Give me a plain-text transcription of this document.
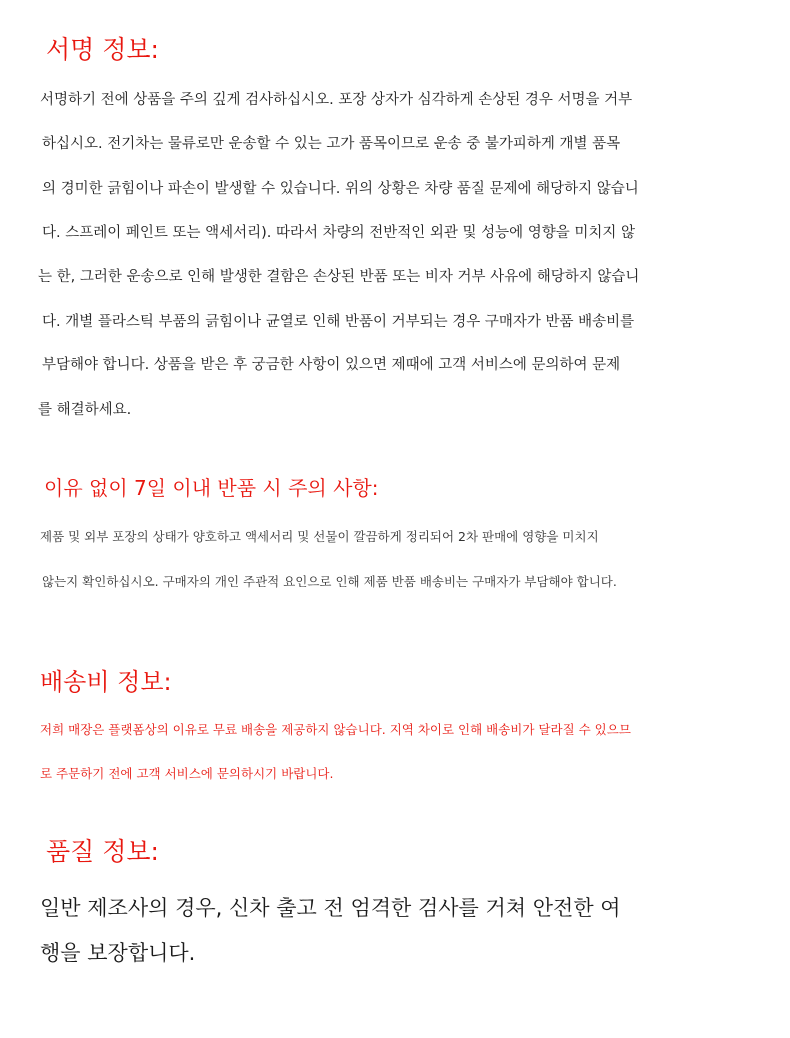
서명 정보:

서명하기 전에 상품을 주의 깊게 검사하십시오. 포장 상자가 심각하게 손상된 경우 서명을 거부

하십시오. 전기차는 물류로만 운송할 수 있는 고가 품목이므로 운송 중 불가피하게 개별 품목

의 경미한 긁힘이나 파손이 발생할 수 있습니다. 위의 상황은 차량 품질 문제에 해당하지 않습니

다. 스프레이 페인트 또는 액세서리). 따라서 차량의 전반적인 외관 및 성능에 영향을 미치지 않

는 한, 그러한 운송으로 인해 발생한 결함은 손상된 반품 또는 비자 거부 사유에 해당하지 않습니

다. 개별 플라스틱 부품의 긁힘이나 균열로 인해 반품이 거부되는 경우 구매자가 반품 배송비를

부담해야 합니다. 상품을 받은 후 궁금한 사항이 있으면 제때에 고객 서비스에 문의하여 문제

를 해결하세요.

이유 없이 7일 이내 반품 시 주의 사항:

제품 및 외부 포장의 상태가 양호하고 액세서리 및 선물이 깔끔하게 정리되어 2차 판매에 영향을 미치지

않는지 확인하십시오. 구매자의 개인 주관적 요인으로 인해 제품 반품 배송비는 구매자가 부담해야 합니다.

배송비 정보:

저희 매장은 플랫폼상의 이유로 무료 배송을 제공하지 않습니다. 지역 차이로 인해 배송비가 달라질 수 있으므

로 주문하기 전에 고객 서비스에 문의하시기 바랍니다.

품질 정보:

일반 제조사의 경우, 신차 출고 전 엄격한 검사를 거쳐 안전한 여

행을 보장합니다.
